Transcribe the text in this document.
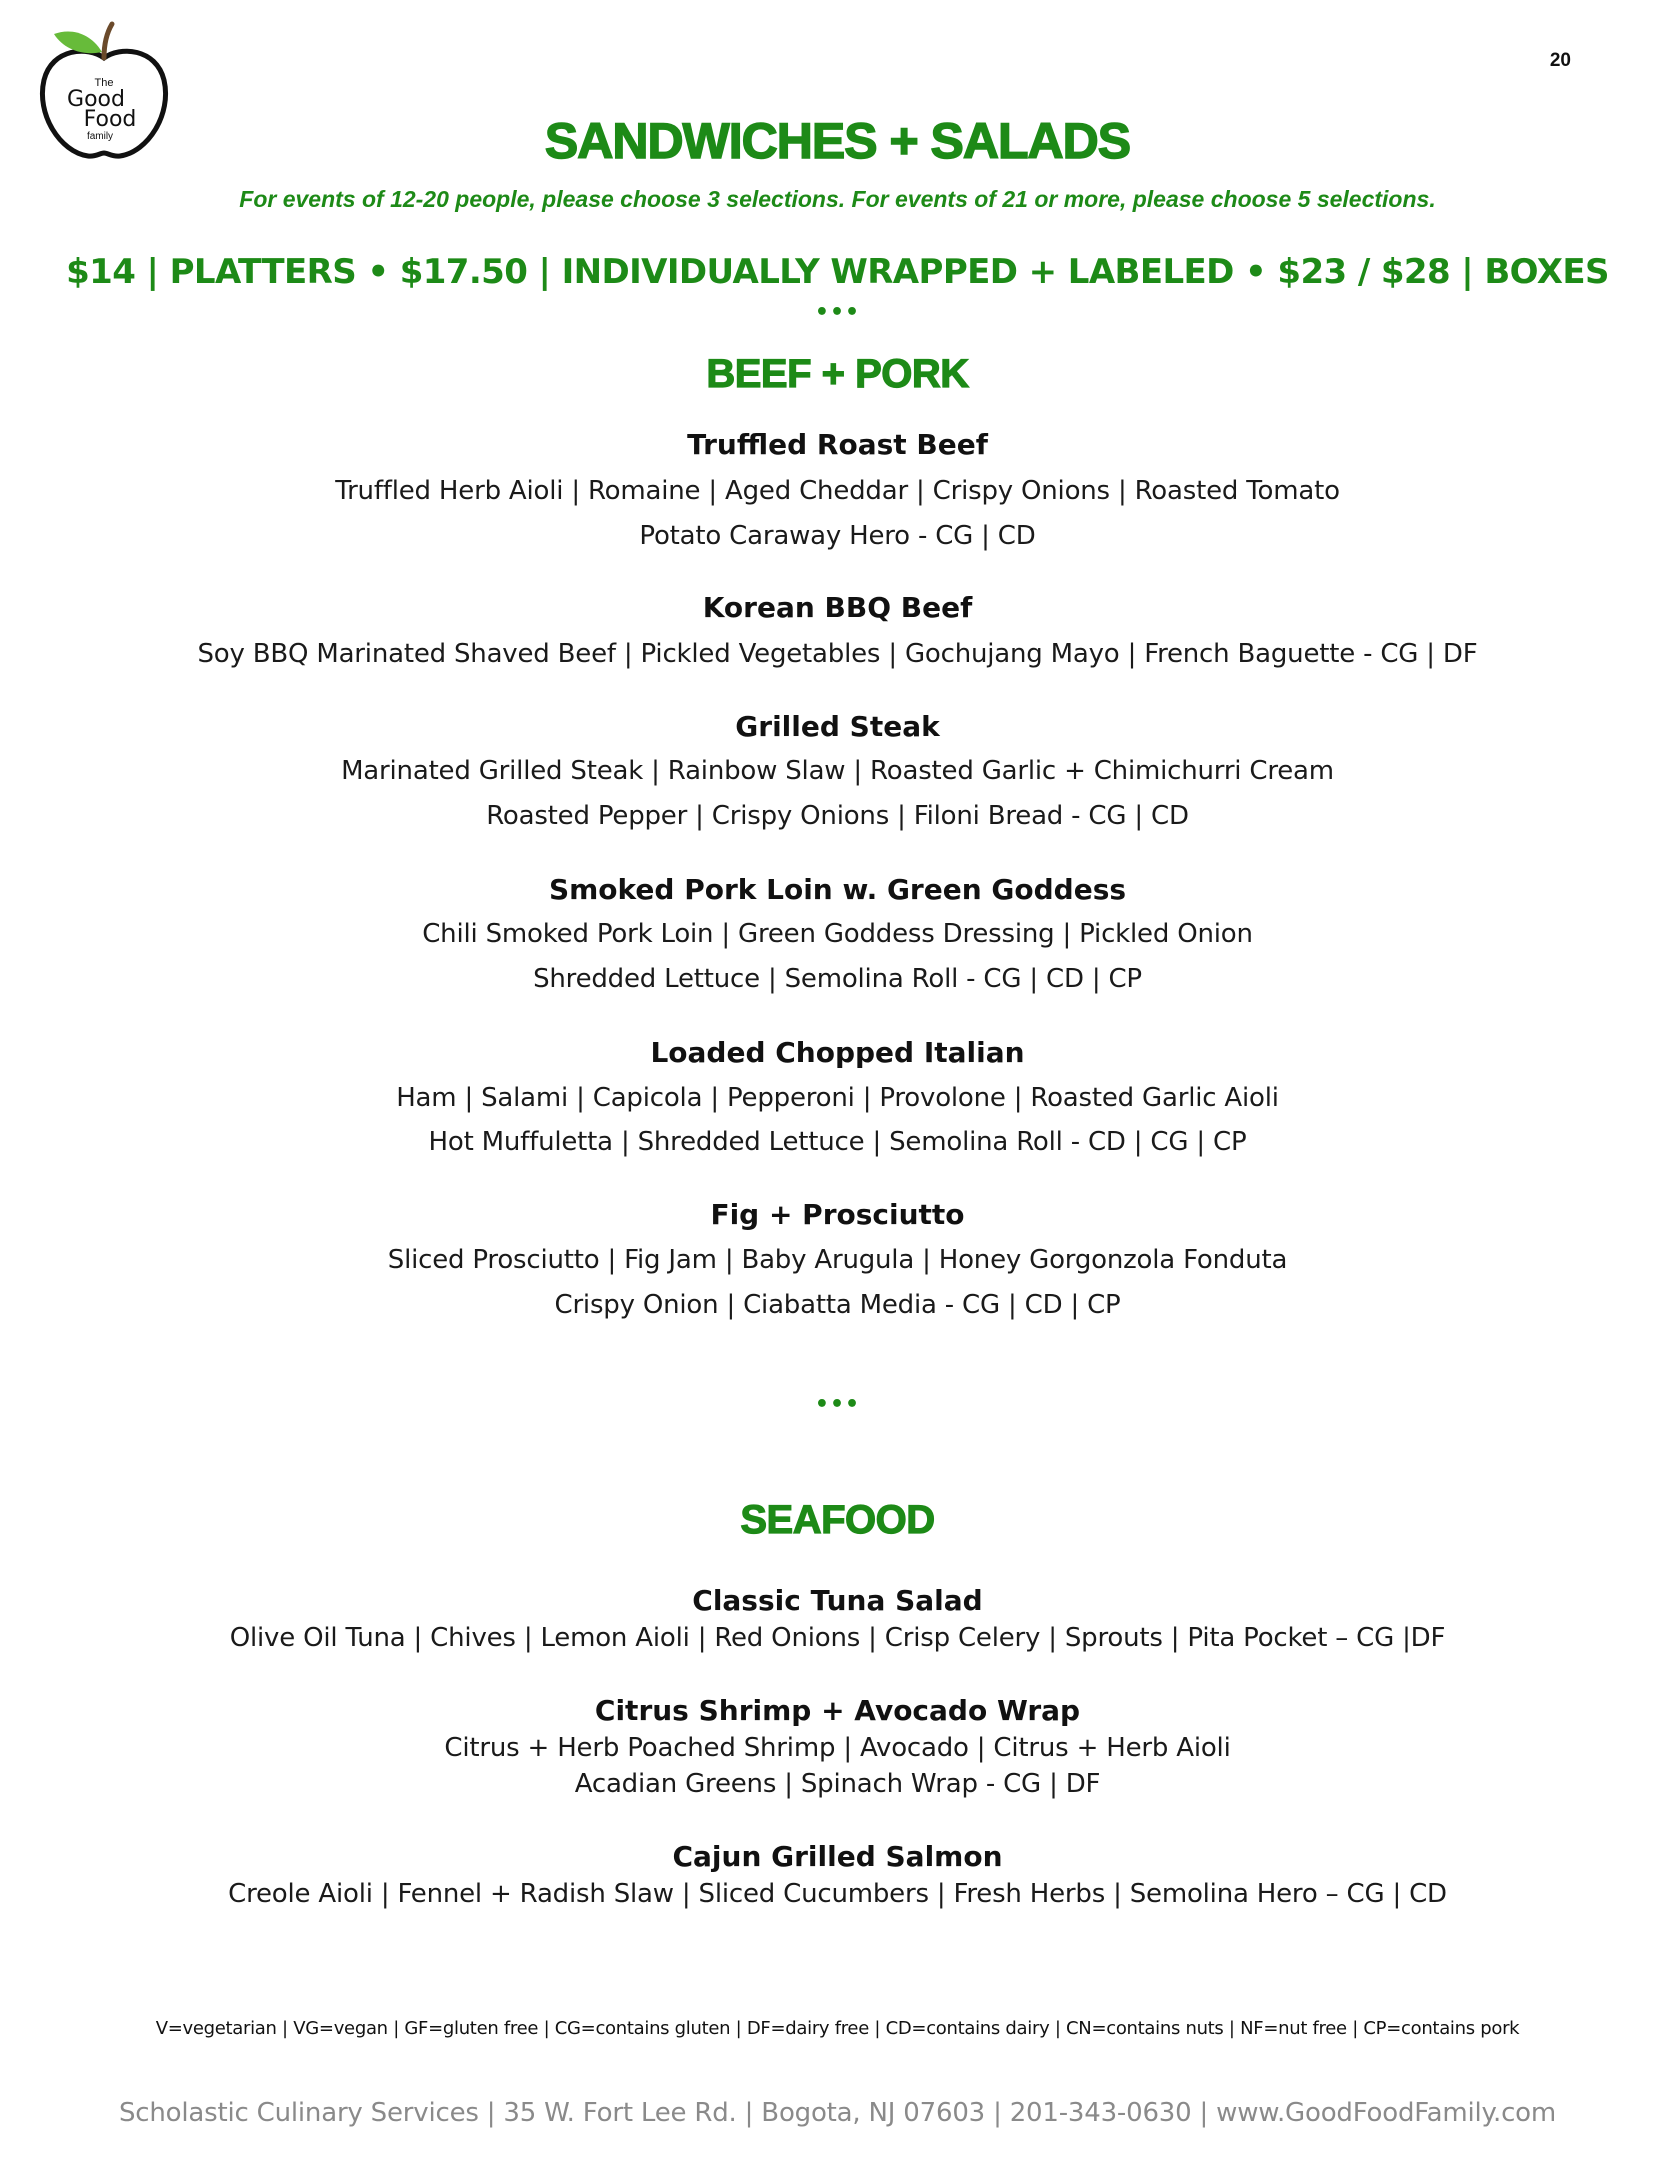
20
The
Good
Food
family	SANDWICHES + SALADS
For events of 12-20 people, please choose 3 selections. For events of 21 or more, please choose 5 selections.
$14 | PLATTERS • $17.50 | INDIVIDUALLY WRAPPED + LABELED • $23 / $28 | BOXES
•••
BEEF + PORK
Truffled Roast Beef
Truffled Herb Aioli | Romaine | Aged Cheddar | Crispy Onions | Roasted Tomato
Potato Caraway Hero - CG | CD
Korean BBQ Beef
Soy BBQ Marinated Shaved Beef | Pickled Vegetables | Gochujang Mayo | French Baguette - CG | DF
Grilled Steak
Marinated Grilled Steak | Rainbow Slaw | Roasted Garlic + Chimichurri Cream
Roasted Pepper | Crispy Onions | Filoni Bread - CG | CD
Smoked Pork Loin w. Green Goddess
Chili Smoked Pork Loin | Green Goddess Dressing | Pickled Onion
Shredded Lettuce | Semolina Roll - CG | CD | CP
Loaded Chopped Italian
Ham | Salami | Capicola | Pepperoni | Provolone | Roasted Garlic Aioli
Hot Muffuletta | Shredded Lettuce | Semolina Roll - CD | CG | CP
Fig + Prosciutto
Sliced Prosciutto | Fig Jam | Baby Arugula | Honey Gorgonzola Fonduta
Crispy Onion | Ciabatta Media - CG | CD | CP
•••
SEAFOOD
Classic Tuna Salad
Olive Oil Tuna | Chives | Lemon Aioli | Red Onions | Crisp Celery | Sprouts | Pita Pocket – CG |DF
Citrus Shrimp + Avocado Wrap
Citrus + Herb Poached Shrimp | Avocado | Citrus + Herb Aioli
Acadian Greens | Spinach Wrap - CG | DF
Cajun Grilled Salmon
Creole Aioli | Fennel + Radish Slaw | Sliced Cucumbers | Fresh Herbs | Semolina Hero – CG | CD
V=vegetarian | VG=vegan | GF=gluten free | CG=contains gluten | DF=dairy free | CD=contains dairy | CN=contains nuts | NF=nut free | CP=contains pork
Scholastic Culinary Services | 35 W. Fort Lee Rd. | Bogota, NJ 07603 | 201-343-0630 | www.GoodFoodFamily.com
